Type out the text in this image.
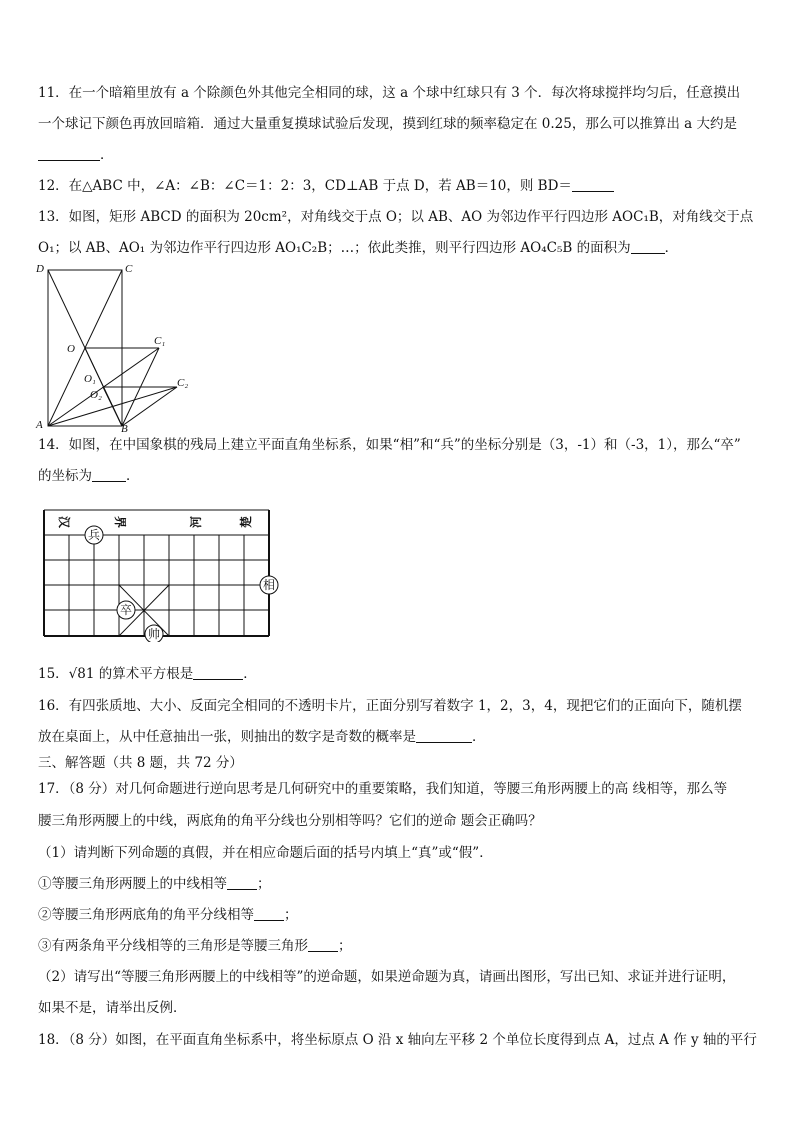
11．在一个暗箱里放有 a 个除颜色外其他完全相同的球，这 a 个球中红球只有 3 个．每次将球搅拌均匀后，任意摸出
一个球记下颜色再放回暗箱．通过大量重复摸球试验后发现，摸到红球的频率稳定在 0.25，那么可以推算出 a 大约是
．
12．在△ABC 中，∠A：∠B：∠C＝1：2：3，CD⊥AB 于点 D，若 AB＝10，则 BD＝
13．如图，矩形 ABCD 的面积为 20cm²，对角线交于点 O；以 AB、AO 为邻边作平行四边形 AOC₁B，对角线交于点
O₁；以 AB、AO₁ 为邻边作平行四边形 AO₁C₂B；…；依此类推，则平行四边形 AO₄C₅B 的面积为	．
D	C
O
C₁
O₁	C₂
O₂
A	B
14．如图，在中国象棋的残局上建立平面直角坐标系，如果“相”和“兵”的坐标分别是（3，-1）和（-3，1），那么“卒”
的坐标为	．
汉	界	河	楚
兵
相
卒
帅
15．√81 的算术平方根是	．
16．有四张质地、大小、反面完全相同的不透明卡片，正面分别写着数字 1，2，3，4，现把它们的正面向下，随机摆
放在桌面上，从中任意抽出一张，则抽出的数字是奇数的概率是	．
三、解答题（共 8 题，共 72 分）
17．（8 分）对几何命题进行逆向思考是几何研究中的重要策略，我们知道，等腰三角形两腰上的高 线相等，那么等
腰三角形两腰上的中线，两底角的角平分线也分别相等吗？它们的逆命 题会正确吗？
（1）请判断下列命题的真假，并在相应命题后面的括号内填上“真”或“假”．
①等腰三角形两腰上的中线相等 ；
②等腰三角形两底角的角平分线相等 ；
③有两条角平分线相等的三角形是等腰三角形 ；
（2）请写出“等腰三角形两腰上的中线相等”的逆命题，如果逆命题为真，请画出图形，写出已知、求证并进行证明，
如果不是，请举出反例．
18．（8 分）如图，在平面直角坐标系中，将坐标原点 O 沿 x 轴向左平移 2 个单位长度得到点 A，过点 A 作 y 轴的平行
